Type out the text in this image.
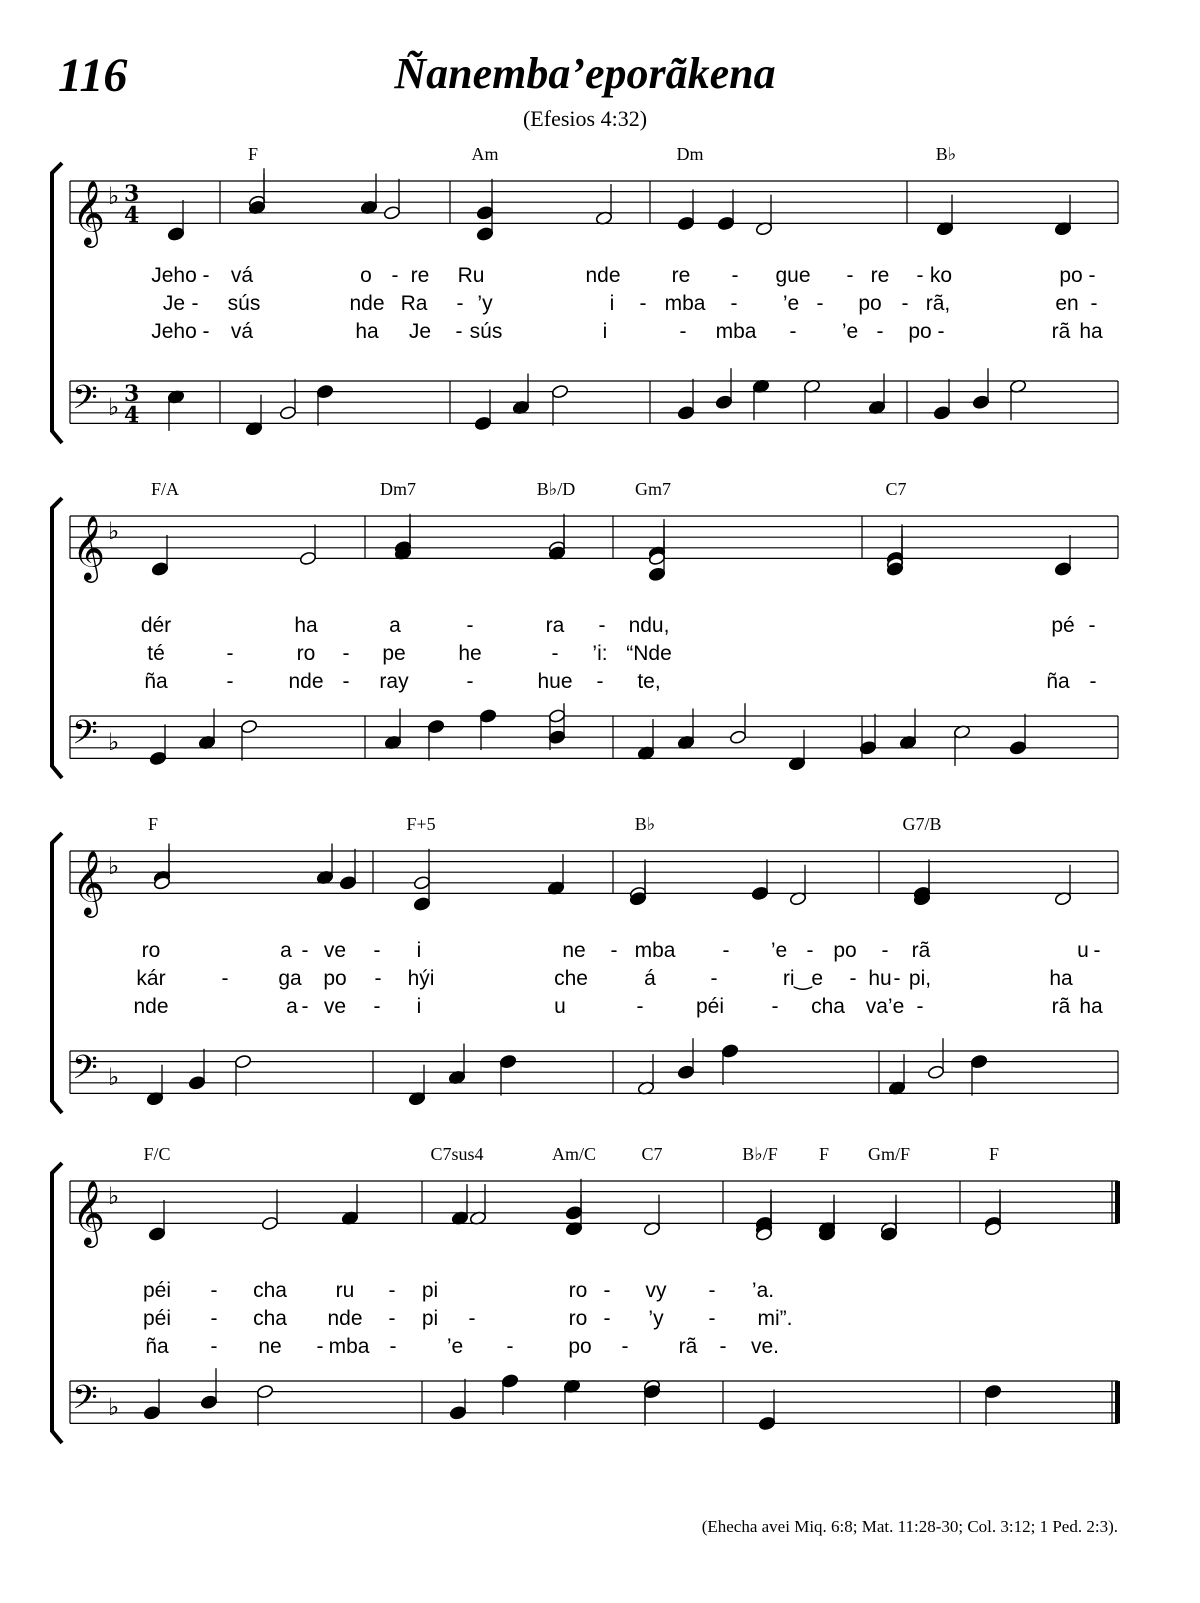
116	Ñanemba’eporãkena
(Efesios 4:32)
𝄞 ♭ 3
4
𝄢 ♭ 3
4
𝄞 ♭
𝄢 ♭
𝄞 ♭
𝄢 ♭
𝄞 ♭
𝄢 ♭
F	Am	Dm	B♭
Jeho - vá	o - re Ru	nde re - gue - re - ko	po -
Je - sús	nde Ra - ’y	i - mba - ’e - po - rã,	en -
Jeho - vá	ha Je - sús	i	- mba - ’e - po -	rã ha
F/A	Dm7	B♭/D	Gm7	C7
dér	ha	a	-	ra - ndu,	pé -
té	-	ro - pe	he	- ’i: “Nde
ña	-	nde - ray	-	hue - te,	ña -
F	F+5	B♭	G7/B
ro	a - ve - i	ne - mba - ’e - po - rã	u -
kár	- ga po - hýi	che	á	-	ri‿e - hu - pi,	ha
nde	a - ve - i	u	- péi - cha va’e -	rã ha
F/C	C7sus4	Am/C	C7	B♭/F F Gm/F	F
péi - cha ru - pi	ro - vy - ’a.
péi - cha nde - pi -	ro - ’y - mi”.
ña - ne - mba - ’e -	po - rã - ve.
(Ehecha avei Miq. 6:8; Mat. 11:28-30; Col. 3:12; 1 Ped. 2:3).
